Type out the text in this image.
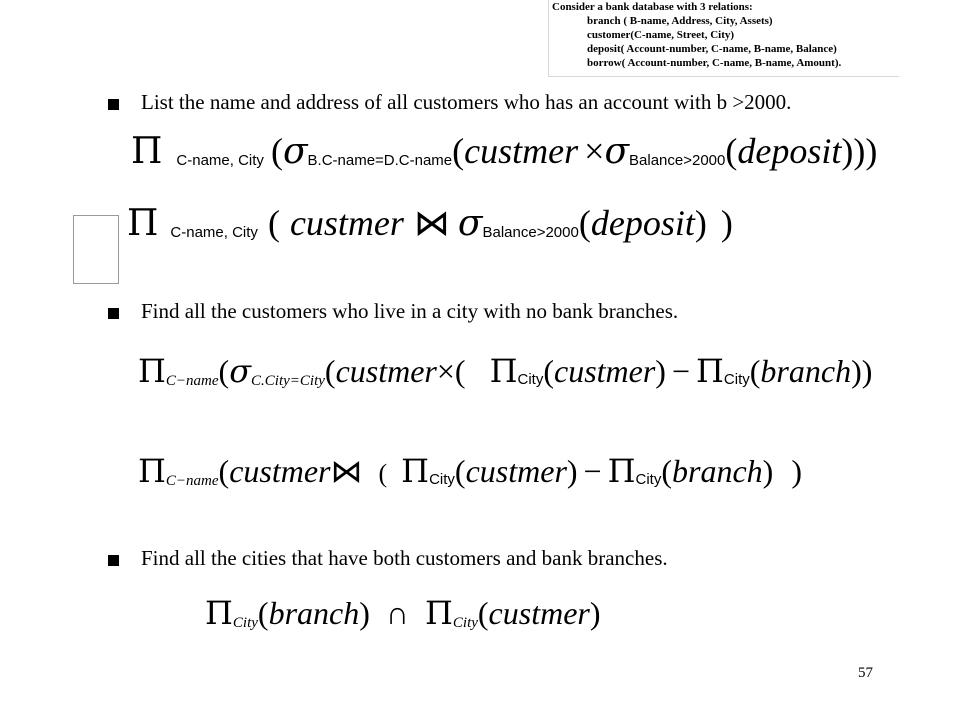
Consider a bank database with 3 relations:
branch ( B-name, Address, City, Assets)
customer(C-name, Street, City)
deposit( Account-number, C-name, B-name, Balance)
borrow( Account-number, C-name, B-name, Amount).
List the name and address of all customers who has an account with b >2000.
Π C-name, City (σB.C-name=D.C-name(custmer ×σBalance>2000(deposit)))
Π C-name, City ( custmer ⋈ σBalance>2000(deposit) )
Find all the customers who live in a city with no bank branches.
ΠC−name(σC.City=City(custmer×( ΠCity(custmer) − ΠCity(branch))
ΠC−name(custmer⋈ ( ΠCity(custmer) − ΠCity(branch) )
Find all the cities that have both customers and bank branches.
ΠCity(branch) ∩ ΠCity(custmer)
57
